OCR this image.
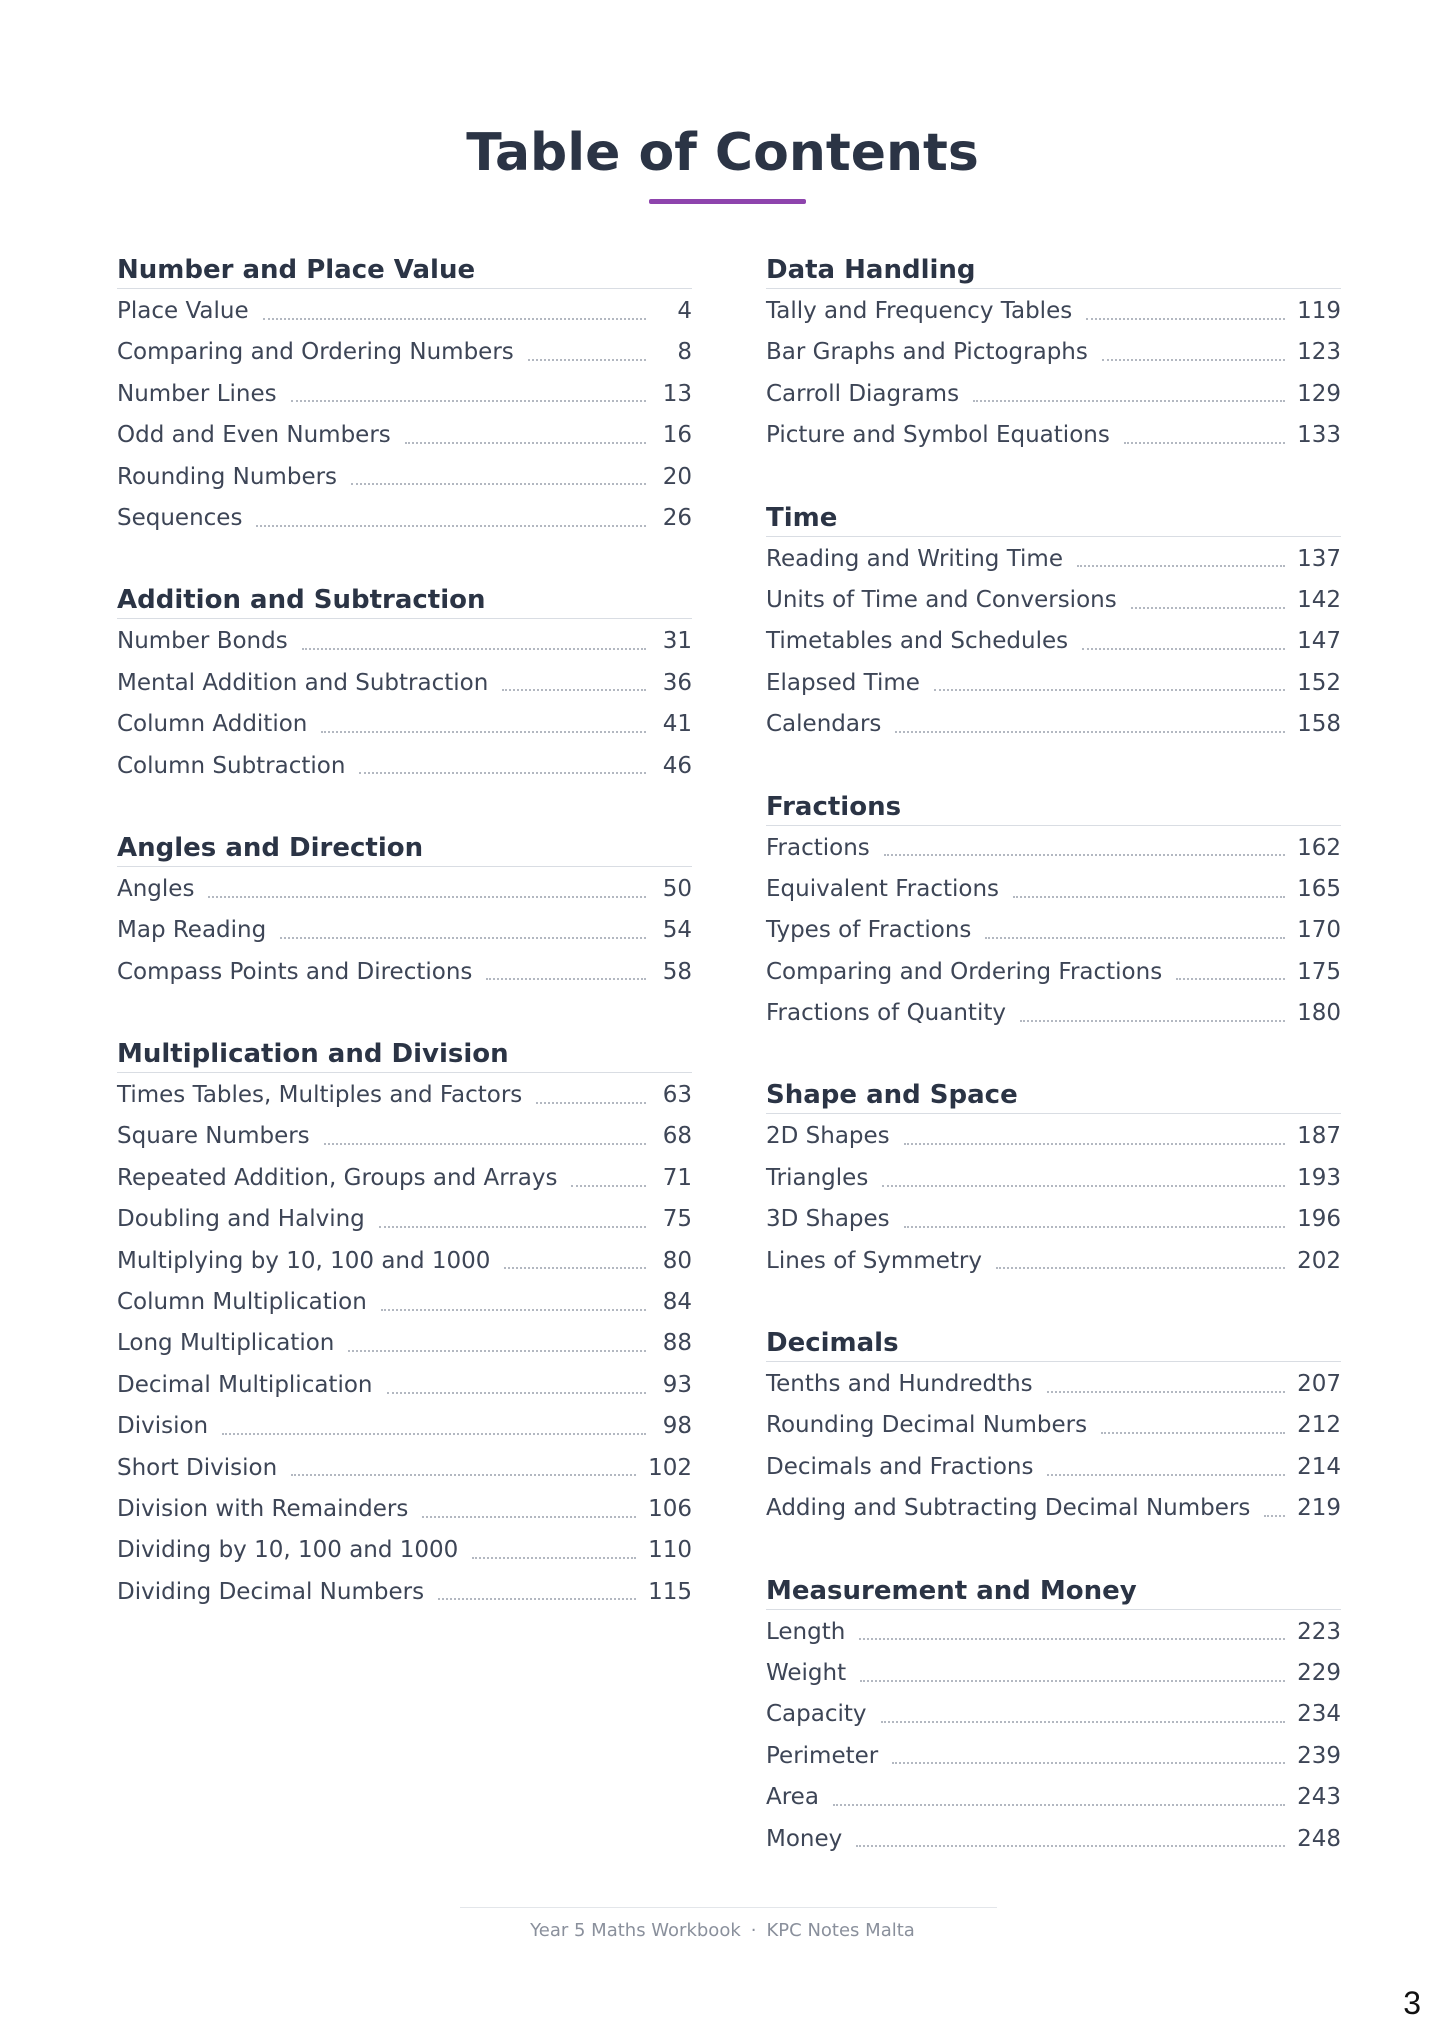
Table of Contents
Number and Place Value
Place Value	4
Comparing and Ordering Numbers	8
Number Lines	13
Odd and Even Numbers	16
Rounding Numbers	20
Sequences	26
Addition and Subtraction
Number Bonds	31
Mental Addition and Subtraction	36
Column Addition	41
Column Subtraction	46
Angles and Direction
Angles	50
Map Reading	54
Compass Points and Directions	58
Multiplication and Division
Times Tables, Multiples and Factors	63
Square Numbers	68
Repeated Addition, Groups and Arrays	71
Doubling and Halving	75
Multiplying by 10, 100 and 1000	80
Column Multiplication	84
Long Multiplication	88
Decimal Multiplication	93
Division	98
Short Division	102
Division with Remainders	106
Dividing by 10, 100 and 1000	110
Dividing Decimal Numbers	115
Data Handling
Tally and Frequency Tables	119
Bar Graphs and Pictographs	123
Carroll Diagrams	129
Picture and Symbol Equations	133
Time
Reading and Writing Time	137
Units of Time and Conversions	142
Timetables and Schedules	147
Elapsed Time	152
Calendars	158
Fractions
Fractions	162
Equivalent Fractions	165
Types of Fractions	170
Comparing and Ordering Fractions	175
Fractions of Quantity	180
Shape and Space
2D Shapes	187
Triangles	193
3D Shapes	196
Lines of Symmetry	202
Decimals
Tenths and Hundredths	207
Rounding Decimal Numbers	212
Decimals and Fractions	214
Adding and Subtracting Decimal Numbers	219
Measurement and Money
Length	223
Weight	229
Capacity	234
Perimeter	239
Area	243
Money	248
Year 5 Maths Workbook · KPC Notes Malta
3
